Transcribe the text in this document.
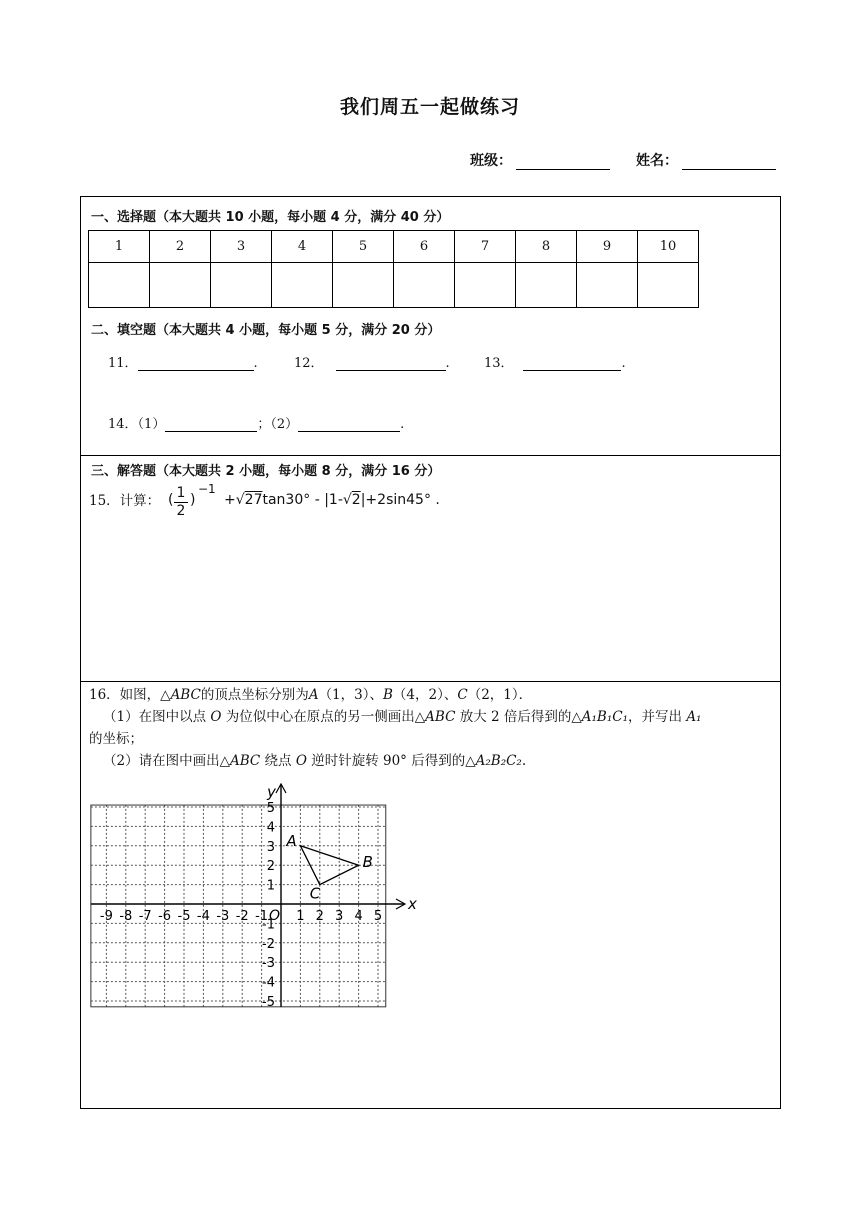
我们周五一起做练习
班级：	姓名：
一、选择题（本大题共 10 小题，每小题 4 分，满分 40 分）
1	2	3	4	5	6	7	8	9	10

二、填空题（本大题共 4 小题，每小题 5 分，满分 20 分）
11．	.	12．	.	13．	.
14．（1）	；（2）	.
三、解答题（本大题共 2 小题，每小题 8 分，满分 16 分）
15．计算： ( 1
2
)
−1
+√27tan30° - |1-√2|+2sin45° .
16．如图，△ABC的顶点坐标分别为A（1，3）、B（4，2）、C（2，1）．
（1）在图中以点 O 为位似中心在原点的另一侧画出△ABC 放大 2 倍后得到的△A₁B₁C₁，并写出 A₁
的坐标；
（2）请在图中画出△ABC 绕点 O 逆时针旋转 90° 后得到的△A₂B₂C₂.
x
y
-9 -8 -7 -6 -5 -4 -3 -2 -1 1 2 3 4 5
5
4
3
2
1
-1
-2
-3
-4
-5
O
A
B
C
